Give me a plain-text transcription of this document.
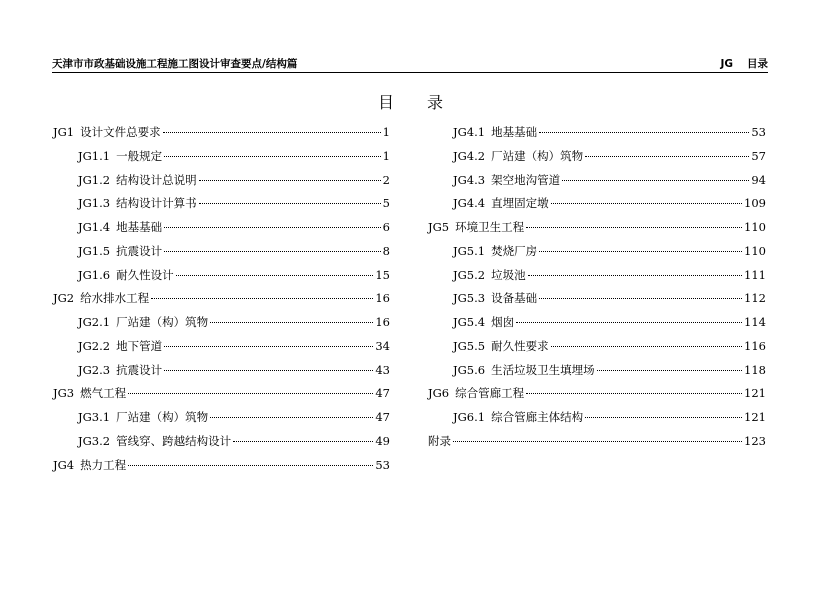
天津市市政基础设施工程施工图设计审查要点/结构篇	JG 目录
目 录
JG1 设计文件总要求	1
JG1.1 一般规定	1
JG1.2 结构设计总说明	2
JG1.3 结构设计计算书	5
JG1.4 地基基础	6
JG1.5 抗震设计	8
JG1.6 耐久性设计	15
JG2 给水排水工程	16
JG2.1 厂站建（构）筑物	16
JG2.2 地下管道	34
JG2.3 抗震设计	43
JG3 燃气工程	47
JG3.1 厂站建（构）筑物	47
JG3.2 管线穿、跨越结构设计	49
JG4 热力工程	53
JG4.1 地基基础	53
JG4.2 厂站建（构）筑物	57
JG4.3 架空地沟管道	94
JG4.4 直埋固定墩	109
JG5 环境卫生工程	110
JG5.1 焚烧厂房	110
JG5.2 垃圾池	111
JG5.3 设备基础	112
JG5.4 烟囱	114
JG5.5 耐久性要求	116
JG5.6 生活垃圾卫生填埋场	118
JG6 综合管廊工程	121
JG6.1 综合管廊主体结构	121
附录	123
